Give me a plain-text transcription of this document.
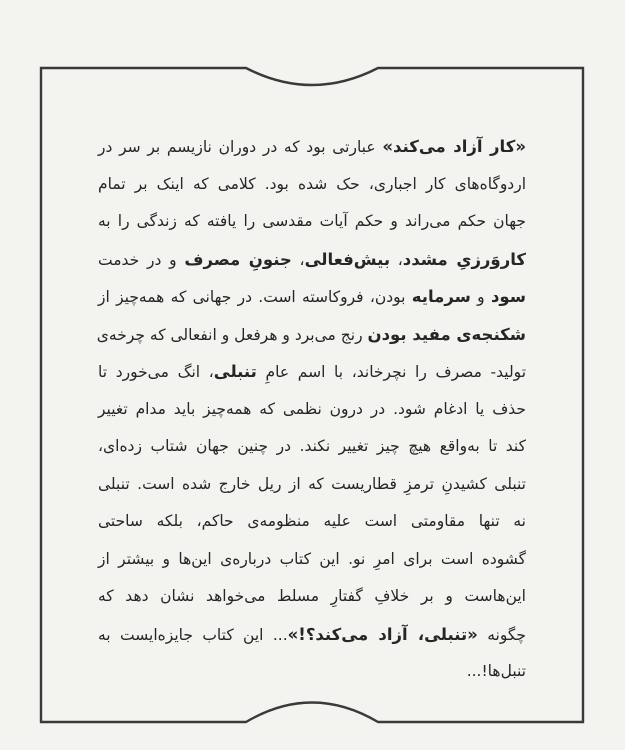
«کار آزاد می‌کند» عبارتی بود که در دوران نازیسم بر سر در
اردوگاه‌های کار اجباری، حک شده بود. کلامی که اینک بر تمام
جهان حکم می‌راند و حکم آیات مقدسی را یافته که زندگی را به
کاروَرزیِ مشدد، بیش‌فعالی، جنونِ مصرف و در خدمت
سود و سرمایه بودن، فروکاسته است. در جهانی که همه‌چیز از
شکنجه‌ی مفید بودن رنج می‌برد و هرفعل و انفعالی که چرخه‌ی
تولید- مصرف را نچرخاند، با اسم عامِ تنبلی، انگ می‌خورد تا
حذف یا ادغام شود. در درون نظمی که همه‌چیز باید مدام تغییر
کند تا به‌واقع هیچ چیز تغییر نکند. در چنین جهان شتاب زده‌ای،
تنبلی کشیدنِ ترمزِ قطاریست که از ریل خارج شده است. تنبلی
نه تنها مقاومتی است علیه منظومه‌ی حاکم، بلکه ساحتی
گشوده است برای امرِ نو. این کتاب درباره‌ی این‌ها و بیشتر از
این‌هاست و بر خلافِ گفتارِ مسلط می‌خواهد نشان دهد که
چگونه «تنبلی، آزاد می‌کند؟!»... این کتاب جایزه‌ایست به
تنبل‌ها!...
